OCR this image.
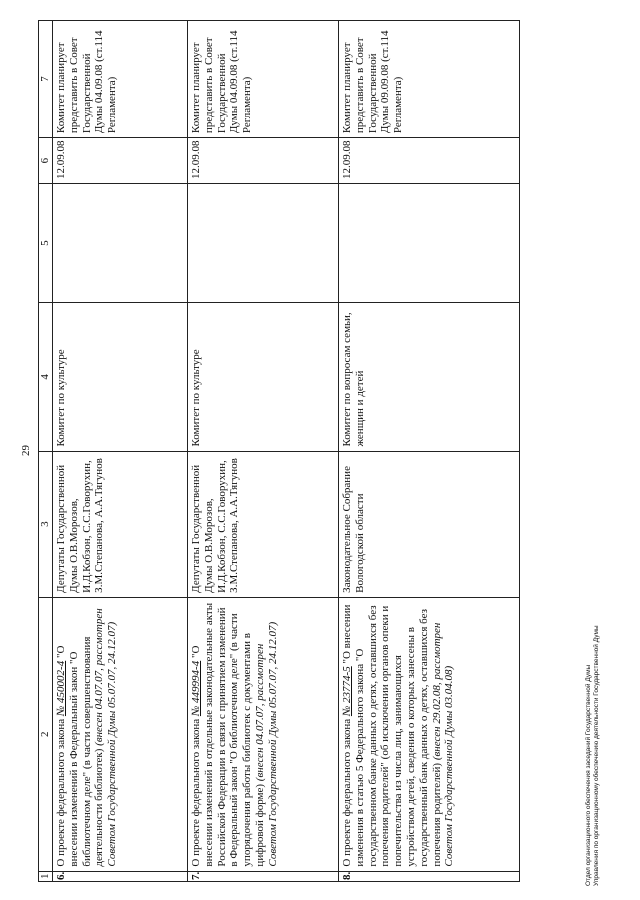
29
1	2	3	4	5	6	7
6.	О проекте федерального закона № 450002-4 "О внесении изменений в Федеральный закон "О библиотечном деле" (в части совершенствования деятельности библиотек) (внесен 04.07.07, рассмотрен Советом Государственной Думы 05.07.07, 24.12.07)	Депутаты Государственной Думы О.В.Морозов, И.Д.Кобзон, С.С.Говорухин, З.М.Степанова, А.А.Тягунов	Комитет по культуре		12.09.08	Комитет планирует представить в Совет Государственной Думы 04.09.08 (ст.114 Регламента)
7.	О проекте федерального закона № 449994-4 "О внесении изменений в отдельные законодательные акты Российской Федерации в связи с принятием изменений в Федеральный закон "О библиотечном деле" (в части упорядочения работы библиотек с документами в цифровой форме) (внесен 04.07.07, рассмотрен Советом Государственной Думы 05.07.07, 24.12.07)	Депутаты Государственной Думы О.В.Морозов, И.Д.Кобзон, С.С.Говорухин, З.М.Степанова, А.А.Тягунов	Комитет по культуре		12.09.08	Комитет планирует представить в Совет Государственной Думы 04.09.08 (ст.114 Регламента)
8.	О проекте федерального закона № 23774-5 "О внесении изменения в статью 5 Федерального закона "О государственном банке данных о детях, оставшихся без попечения родителей" (об исключении органов опеки и попечительства из числа лиц, занимающихся устройством детей, сведения о которых занесены в государственный банк данных о детях, оставшихся без попечения родителей) (внесен 29.02.08, рассмотрен Советом Государственной Думы 03.04.08)	Законодательное Собрание Вологодской области	Комитет по вопросам семьи, женщин и детей		12.09.08	Комитет планирует представить в Совет Государственной Думы 09.09.08 (ст.114 Регламента)
Отдел организационного обеспечения заседаний Государственной Думы Управления по организационному обеспечению деятельности Государственной Думы
